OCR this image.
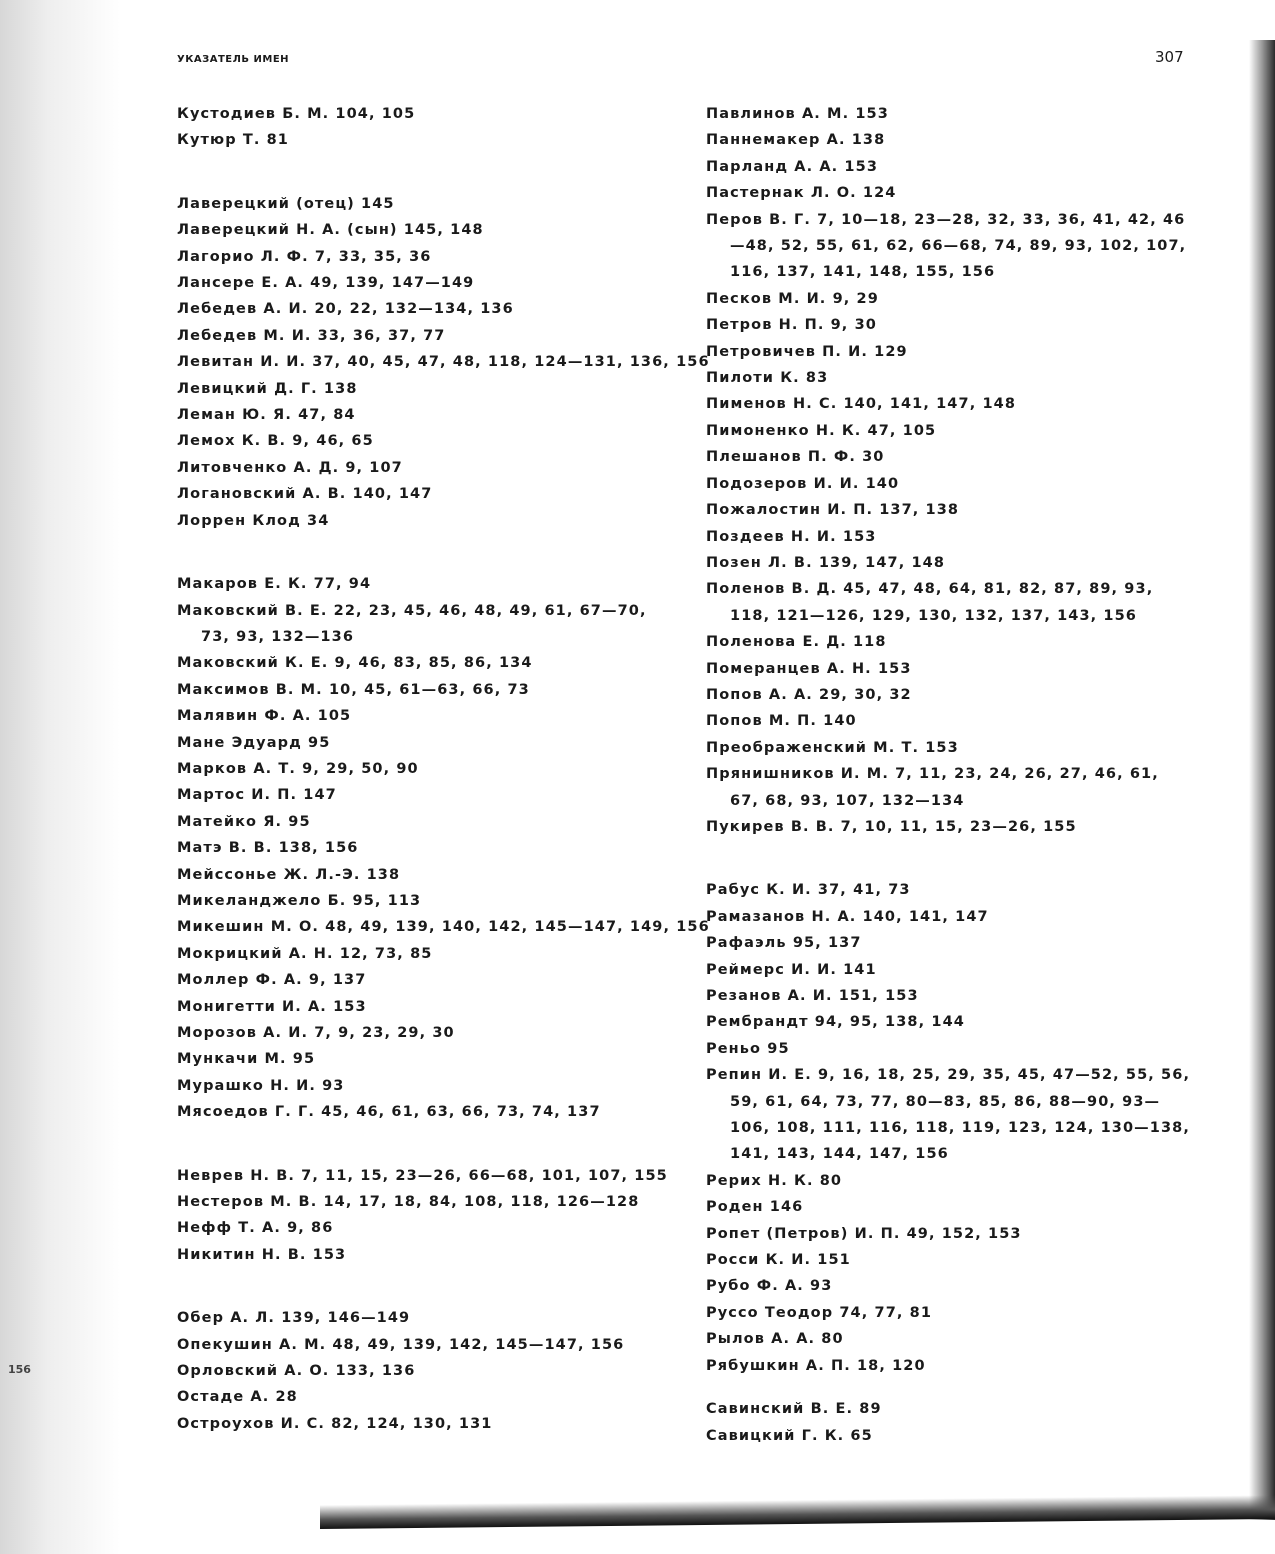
УКАЗАТЕЛЬ ИМЕН	307
156
Кустодиев Б. М. 104, 105
Кутюр Т. 81
Лаверецкий (отец) 145
Лаверецкий Н. А. (сын) 145, 148
Лагорио Л. Ф. 7, 33, 35, 36
Лансере Е. А. 49, 139, 147—149
Лебедев А. И. 20, 22, 132—134, 136
Лебедев М. И. 33, 36, 37, 77
Левитан И. И. 37, 40, 45, 47, 48, 118, 124—131, 136, 156
Левицкий Д. Г. 138
Леман Ю. Я. 47, 84
Лемох К. В. 9, 46, 65
Литовченко А. Д. 9, 107
Логановский А. В. 140, 147
Лоррен Клод 34
Макаров Е. К. 77, 94
Маковский В. Е. 22, 23, 45, 46, 48, 49, 61, 67—70, 73, 93, 132—136
Маковский К. Е. 9, 46, 83, 85, 86, 134
Максимов В. М. 10, 45, 61—63, 66, 73
Малявин Ф. А. 105
Мане Эдуард 95
Марков А. Т. 9, 29, 50, 90
Мартос И. П. 147
Матейко Я. 95
Матэ В. В. 138, 156
Мейссонье Ж. Л.-Э. 138
Микеланджело Б. 95, 113
Микешин М. О. 48, 49, 139, 140, 142, 145—147, 149, 156
Мокрицкий А. Н. 12, 73, 85
Моллер Ф. А. 9, 137
Монигетти И. А. 153
Морозов А. И. 7, 9, 23, 29, 30
Мункачи М. 95
Мурашко Н. И. 93
Мясоедов Г. Г. 45, 46, 61, 63, 66, 73, 74, 137
Неврев Н. В. 7, 11, 15, 23—26, 66—68, 101, 107, 155
Нестеров М. В. 14, 17, 18, 84, 108, 118, 126—128
Нефф Т. А. 9, 86
Никитин Н. В. 153
Обер А. Л. 139, 146—149
Опекушин А. М. 48, 49, 139, 142, 145—147, 156
Орловский А. О. 133, 136
Остаде А. 28
Остроухов И. С. 82, 124, 130, 131
Павлинов А. М. 153
Паннемакер А. 138
Парланд А. А. 153
Пастернак Л. О. 124
Перов В. Г. 7, 10—18, 23—28, 32, 33, 36, 41, 42, 46—48, 52, 55, 61, 62, 66—68, 74, 89, 93, 102, 107, 116, 137, 141, 148, 155, 156
Песков М. И. 9, 29
Петров Н. П. 9, 30
Петровичев П. И. 129
Пилоти К. 83
Пименов Н. С. 140, 141, 147, 148
Пимоненко Н. К. 47, 105
Плешанов П. Ф. 30
Подозеров И. И. 140
Пожалостин И. П. 137, 138
Поздеев Н. И. 153
Позен Л. В. 139, 147, 148
Поленов В. Д. 45, 47, 48, 64, 81, 82, 87, 89, 93, 118, 121—126, 129, 130, 132, 137, 143, 156
Поленова Е. Д. 118
Померанцев А. Н. 153
Попов А. А. 29, 30, 32
Попов М. П. 140
Преображенский М. Т. 153
Прянишников И. М. 7, 11, 23, 24, 26, 27, 46, 61, 67, 68, 93, 107, 132—134
Пукирев В. В. 7, 10, 11, 15, 23—26, 155
Рабус К. И. 37, 41, 73
Рамазанов Н. А. 140, 141, 147
Рафаэль 95, 137
Реймерс И. И. 141
Резанов А. И. 151, 153
Рембрандт 94, 95, 138, 144
Реньо 95
Репин И. Е. 9, 16, 18, 25, 29, 35, 45, 47—52, 55, 56, 59, 61, 64, 73, 77, 80—83, 85, 86, 88—90, 93—106, 108, 111, 116, 118, 119, 123, 124, 130—138, 141, 143, 144, 147, 156
Рерих Н. К. 80
Роден 146
Ропет (Петров) И. П. 49, 152, 153
Росси К. И. 151
Рубо Ф. А. 93
Руссо Теодор 74, 77, 81
Рылов А. А. 80
Рябушкин А. П. 18, 120
Савинский В. Е. 89
Савицкий Г. К. 65
